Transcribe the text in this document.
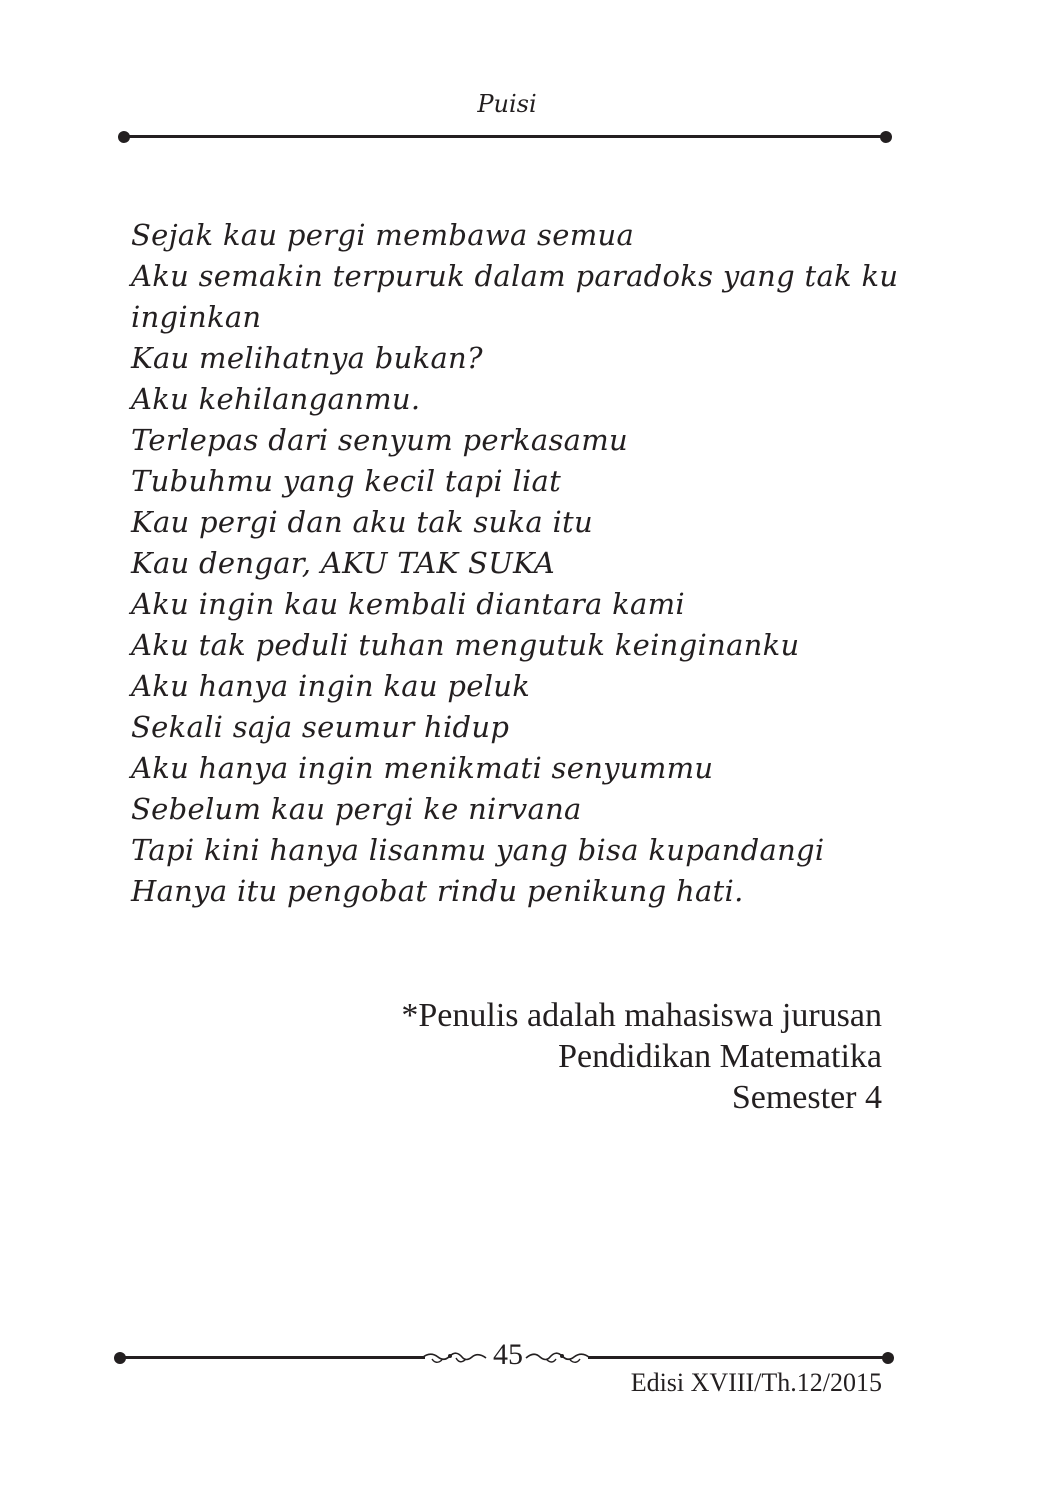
Puisi
Sejak kau pergi membawa semua
Aku semakin terpuruk dalam paradoks yang tak ku
inginkan
Kau melihatnya bukan?
Aku kehilanganmu.
Terlepas dari senyum perkasamu
Tubuhmu yang kecil tapi liat
Kau pergi dan aku tak suka itu
Kau dengar, AKU TAK SUKA
Aku ingin kau kembali diantara kami
Aku tak peduli tuhan mengutuk keinginanku
Aku hanya ingin kau peluk
Sekali saja seumur hidup
Aku hanya ingin menikmati senyummu
Sebelum kau pergi ke nirvana
Tapi kini hanya lisanmu yang bisa kupandangi
Hanya itu pengobat rindu penikung hati.
*Penulis adalah mahasiswa jurusan
Pendidikan Matematika
Semester 4
45
Edisi XVIII/Th.12/2015
